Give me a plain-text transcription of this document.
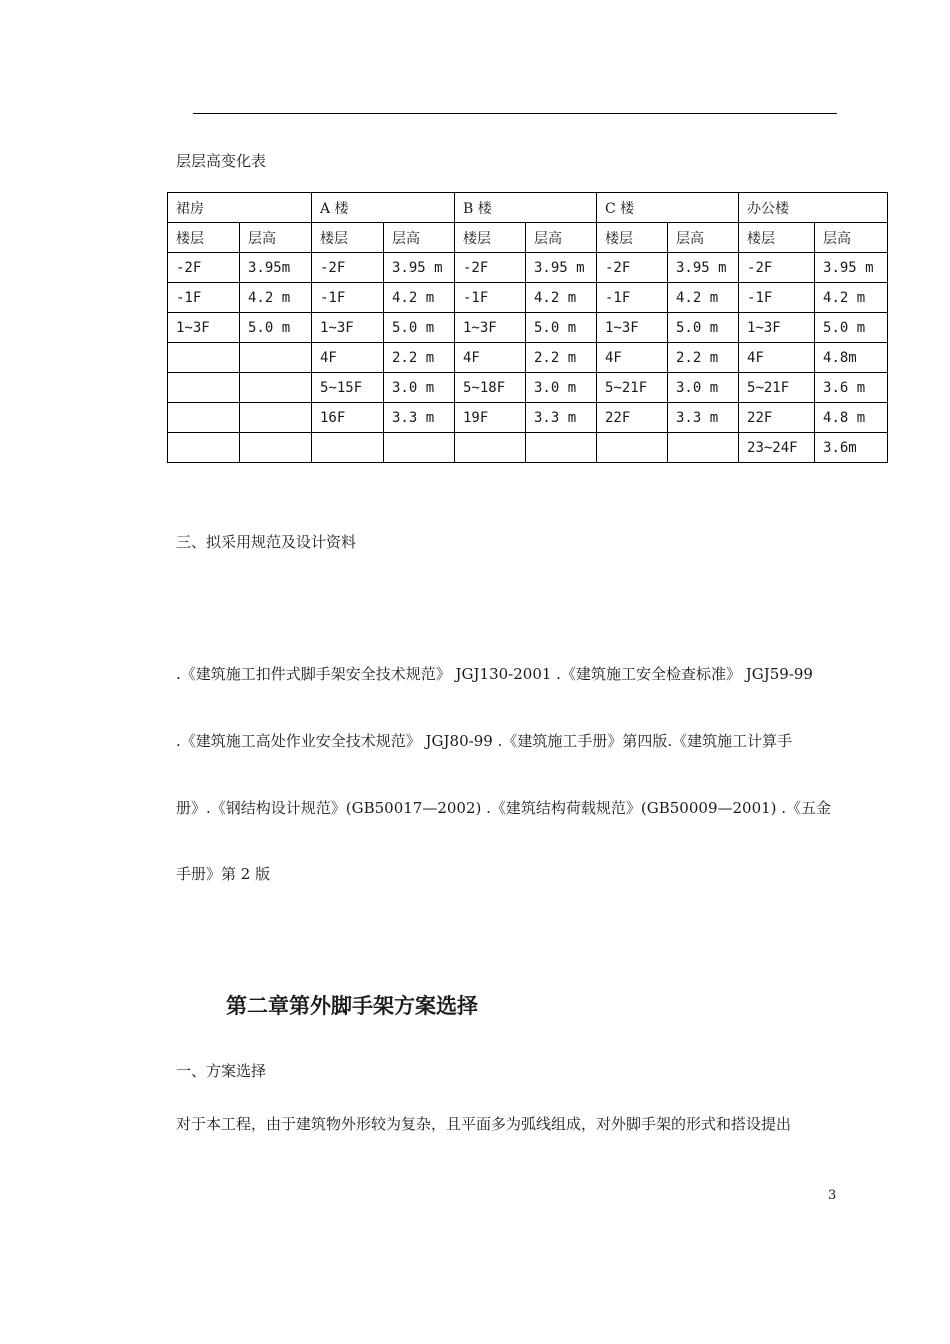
层层高变化表
裙房		A 楼		B 楼		C 楼		办公楼	
楼层	层高	楼层	层高	楼层	层高	楼层	层高	楼层	层高
-2F	3.95m	-2F	3.95 m	-2F	3.95 m	-2F	3.95 m	-2F	3.95 m
-1F	4.2 m	-1F	4.2 m	-1F	4.2 m	-1F	4.2 m	-1F	4.2 m
1~3F	5.0 m	1~3F	5.0 m	1~3F	5.0 m	1~3F	5.0 m	1~3F	5.0 m
		4F	2.2 m	4F	2.2 m	4F	2.2 m	4F	4.8m
		5~15F	3.0 m	5~18F	3.0 m	5~21F	3.0 m	5~21F	3.6 m
		16F	3.3 m	19F	3.3 m	22F	3.3 m	22F	4.8 m
								23~24F	3.6m
三、拟采用规范及设计资料
.《建筑施工扣件式脚手架安全技术规范》 JGJ130-2001 .《建筑施工安全检查标准》 JGJ59-99
.《建筑施工高处作业安全技术规范》 JGJ80-99 .《建筑施工手册》第四版.《建筑施工计算手
册》.《钢结构设计规范》(GB50017—2002) .《建筑结构荷载规范》(GB50009—2001) .《五金
手册》第 2 版
第二章第外脚手架方案选择
一、方案选择
对于本工程，由于建筑物外形较为复杂，且平面多为弧线组成，对外脚手架的形式和搭设提出
3
